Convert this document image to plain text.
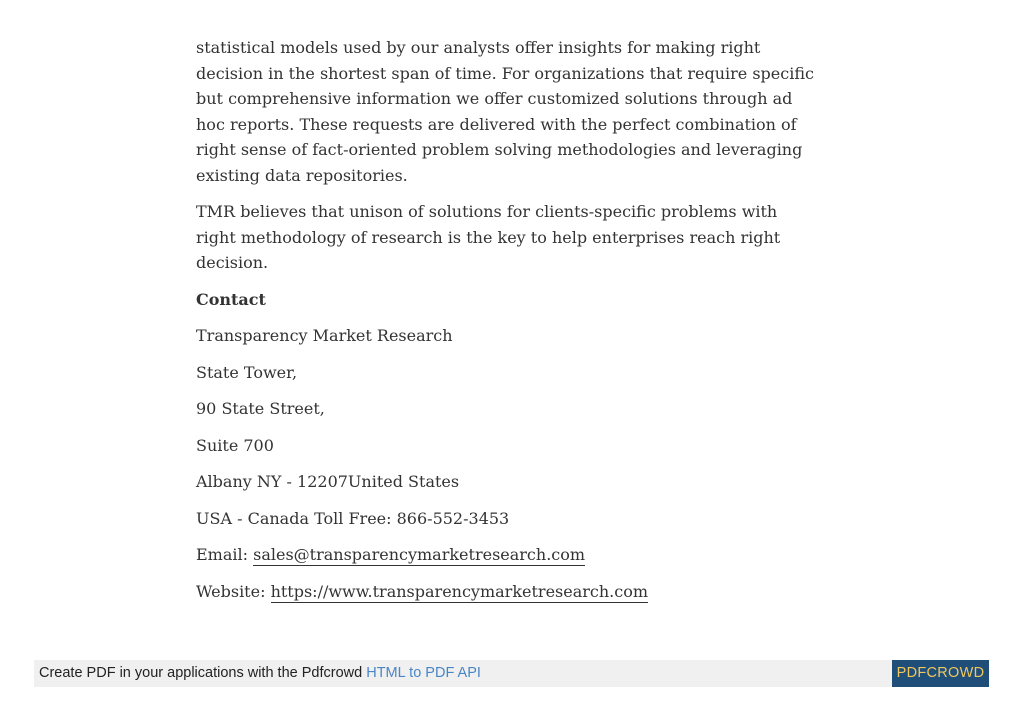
statistical models used by our analysts offer insights for making right decision in the shortest span of time. For organizations that require specific but comprehensive information we offer customized solutions through ad hoc reports. These requests are delivered with the perfect combination of right sense of fact-oriented problem solving methodologies and leveraging existing data repositories.

TMR believes that unison of solutions for clients-specific problems with right methodology of research is the key to help enterprises reach right decision.

Contact
Transparency Market Research
State Tower,
90 State Street,
Suite 700
Albany NY - 12207United States
USA - Canada Toll Free: 866-552-3453
Email: sales@transparencymarketresearch.com
Website: https://www.transparencymarketresearch.com
Create PDF in your applications with the Pdfcrowd HTML to PDF API	PDFCROWD
